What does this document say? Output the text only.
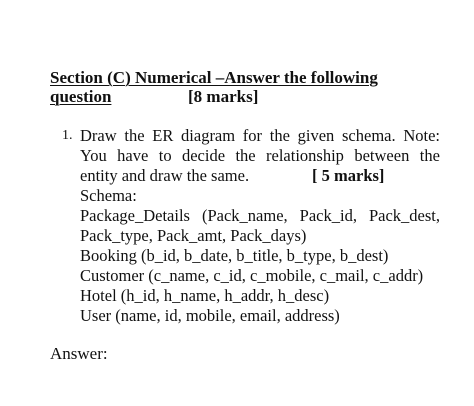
Section (C) Numerical –Answer the following
question	[8 marks]
1. Draw the ER diagram for the given schema. Note:
You have to decide the relationship between the
entity and draw the same.	[ 5 marks]
Schema:
Package_Details (Pack_name, Pack_id, Pack_dest,
Pack_type, Pack_amt, Pack_days)
Booking (b_id, b_date, b_title, b_type, b_dest)
Customer (c_name, c_id, c_mobile, c_mail, c_addr)
Hotel (h_id, h_name, h_addr, h_desc)
User (name, id, mobile, email, address)
Answer:
